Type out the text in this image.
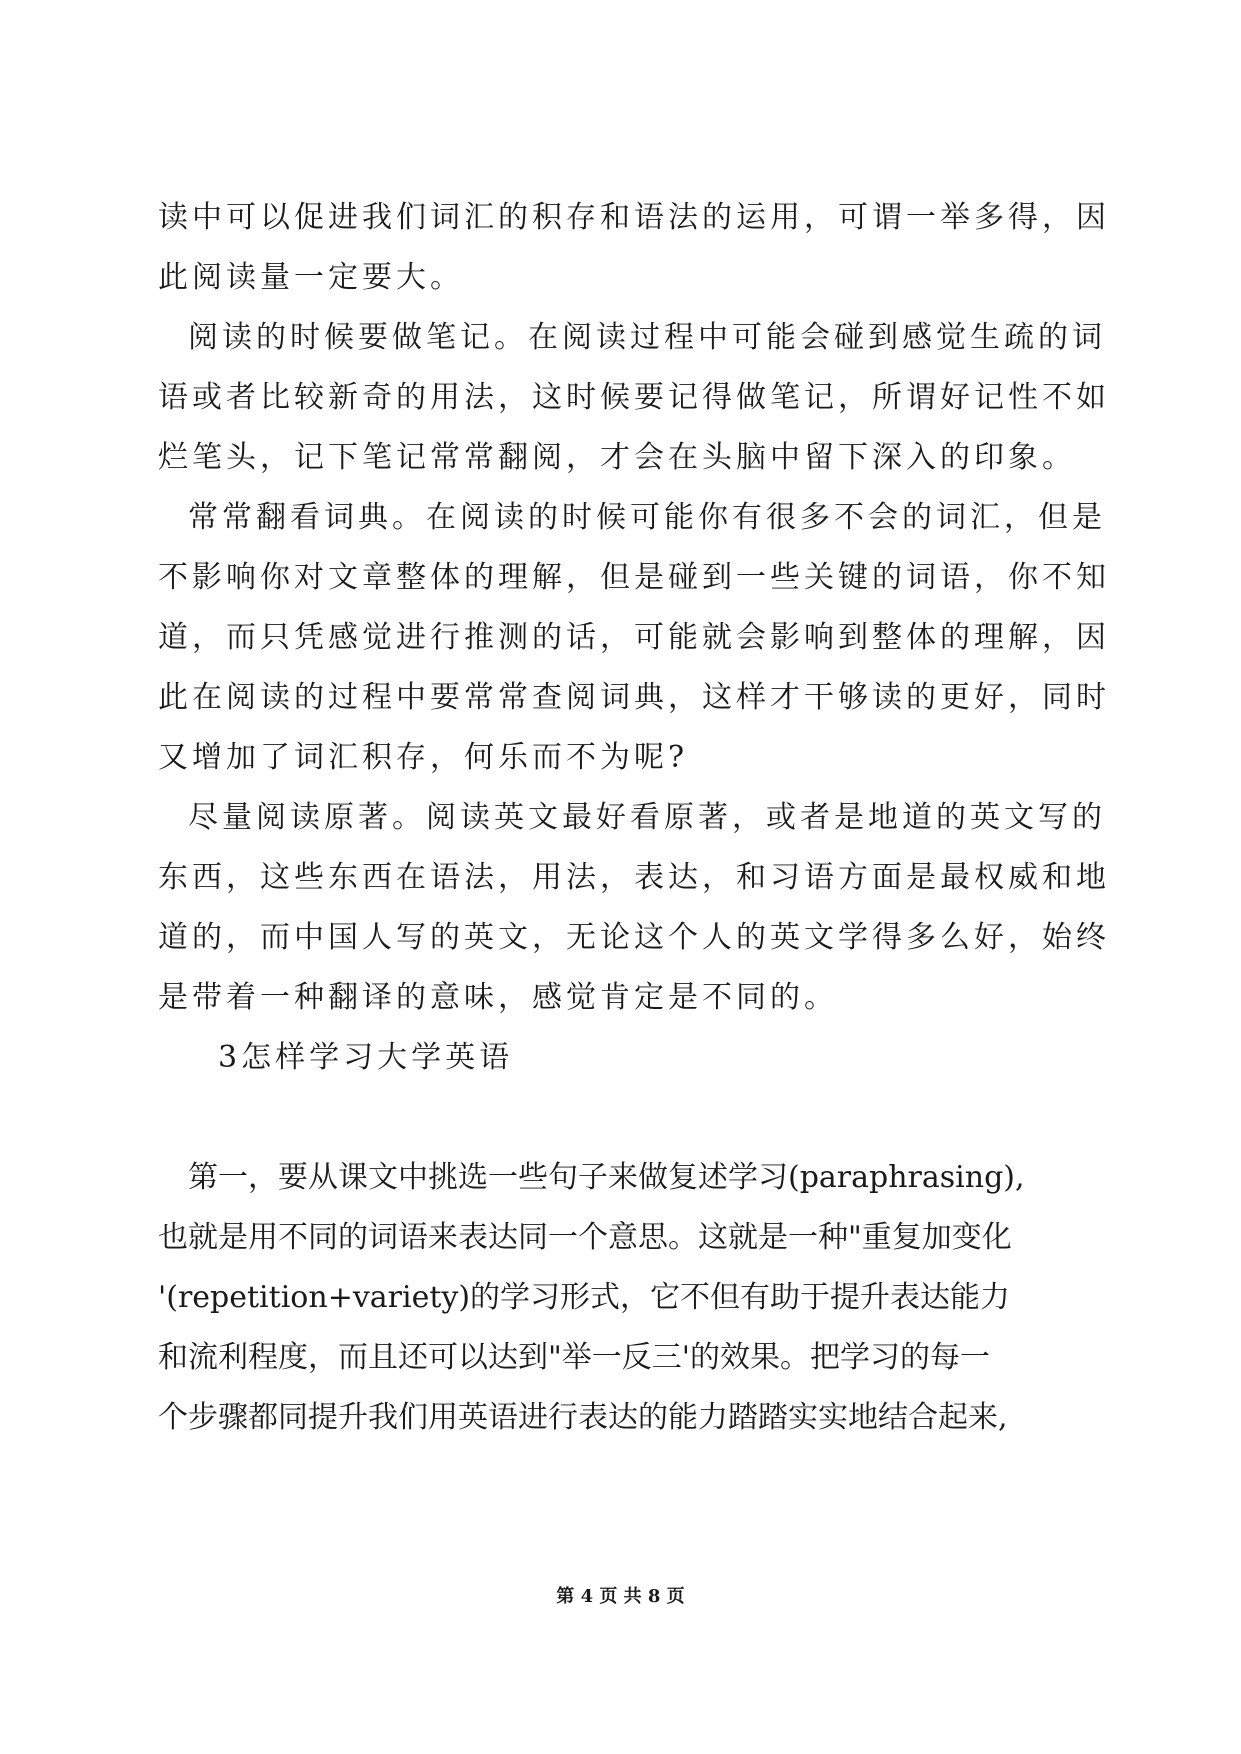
读中可以促进我们词汇的积存和语法的运用，可谓一举多得，因
此阅读量一定要大。
阅读的时候要做笔记。在阅读过程中可能会碰到感觉生疏的词
语或者比较新奇的用法，这时候要记得做笔记，所谓好记性不如
烂笔头，记下笔记常常翻阅，才会在头脑中留下深入的印象。
常常翻看词典。在阅读的时候可能你有很多不会的词汇，但是
不影响你对文章整体的理解，但是碰到一些关键的词语，你不知
道，而只凭感觉进行推测的话，可能就会影响到整体的理解，因
此在阅读的过程中要常常查阅词典，这样才干够读的更好，同时
又增加了词汇积存，何乐而不为呢?
尽量阅读原著。阅读英文最好看原著，或者是地道的英文写的
东西，这些东西在语法，用法，表达，和习语方面是最权威和地
道的，而中国人写的英文，无论这个人的英文学得多么好，始终
是带着一种翻译的意味，感觉肯定是不同的。
3怎样学习大学英语
第一，要从课文中挑选一些句子来做复述学习(paraphrasing),
也就是用不同的词语来表达同一个意思。这就是一种"重复加变化
'(repetition+variety)的学习形式，它不但有助于提升表达能力
和流利程度，而且还可以达到"举一反三'的效果。把学习的每一
个步骤都同提升我们用英语进行表达的能力踏踏实实地结合起来,
第 4 页 共 8 页
